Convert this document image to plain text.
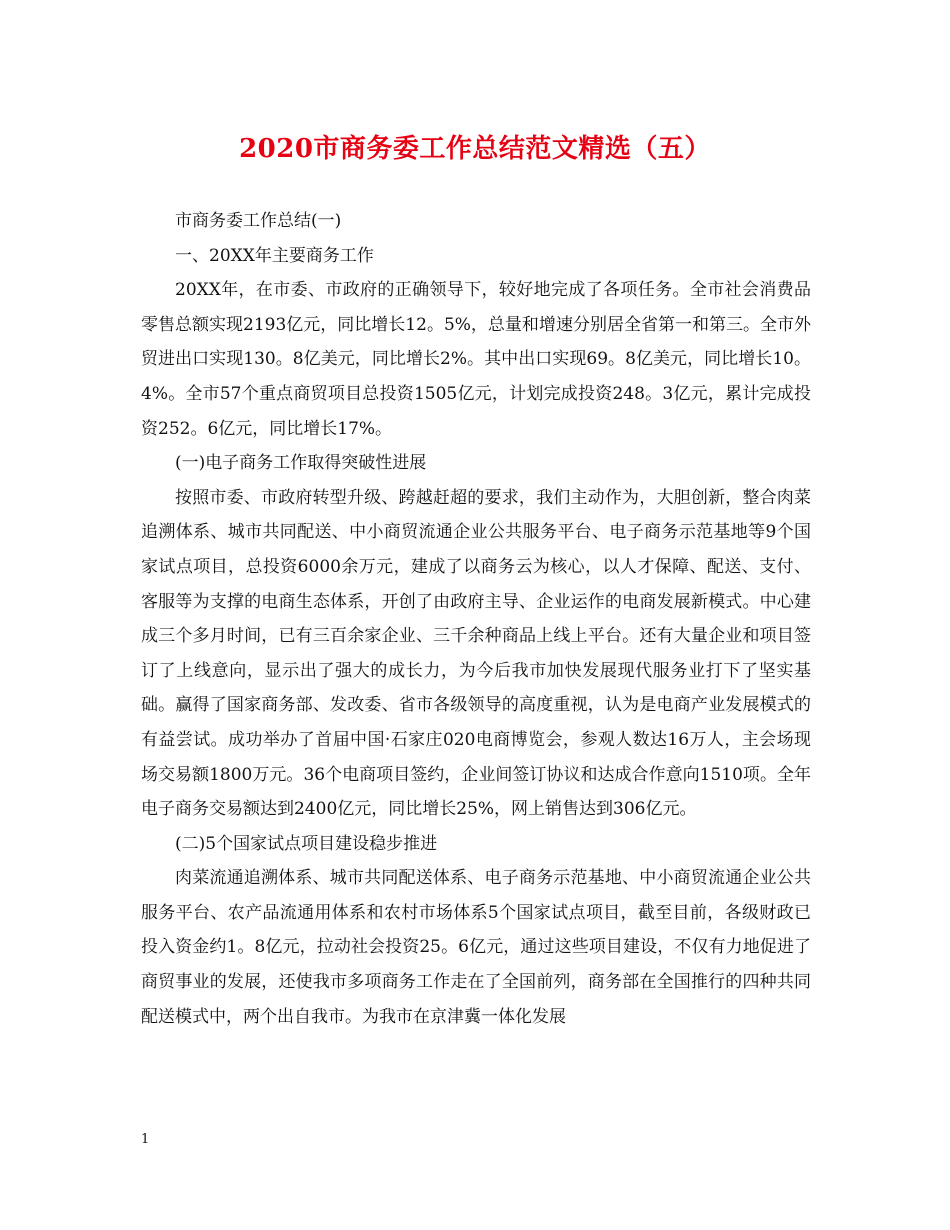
2020市商务委工作总结范文精选（五）

市商务委工作总结(一)

一、20XX年主要商务工作

20XX年，在市委、市政府的正确领导下，较好地完成了各项任务。全市社会消费品零售总额实现2193亿元，同比增长12。5%，总量和增速分别居全省第一和第三。全市外贸进出口实现130。8亿美元，同比增长2%。其中出口实现69。8亿美元，同比增长10。4%。全市57个重点商贸项目总投资1505亿元，计划完成投资248。3亿元，累计完成投资252。6亿元，同比增长17%。

(一)电子商务工作取得突破性进展

按照市委、市政府转型升级、跨越赶超的要求，我们主动作为，大胆创新，整合肉菜追溯体系、城市共同配送、中小商贸流通企业公共服务平台、电子商务示范基地等9个国家试点项目，总投资6000余万元，建成了以商务云为核心，以人才保障、配送、支付、客服等为支撑的电商生态体系，开创了由政府主导、企业运作的电商发展新模式。中心建成三个多月时间，已有三百余家企业、三千余种商品上线上平台。还有大量企业和项目签订了上线意向，显示出了强大的成长力，为今后我市加快发展现代服务业打下了坚实基础。赢得了国家商务部、发改委、省市各级领导的高度重视，认为是电商产业发展模式的有益尝试。成功举办了首届中国·石家庄020电商博览会，参观人数达16万人，主会场现场交易额1800万元。36个电商项目签约，企业间签订协议和达成合作意向1510项。全年电子商务交易额达到2400亿元，同比增长25%，网上销售达到306亿元。

(二)5个国家试点项目建设稳步推进

肉菜流通追溯体系、城市共同配送体系、电子商务示范基地、中小商贸流通企业公共服务平台、农产品流通用体系和农村市场体系5个国家试点项目，截至目前，各级财政已投入资金约1。8亿元，拉动社会投资25。6亿元，通过这些项目建设，不仅有力地促进了商贸事业的发展，还使我市多项商务工作走在了全国前列，商务部在全国推行的四种共同配送模式中，两个出自我市。为我市在京津冀一体化发展

1
